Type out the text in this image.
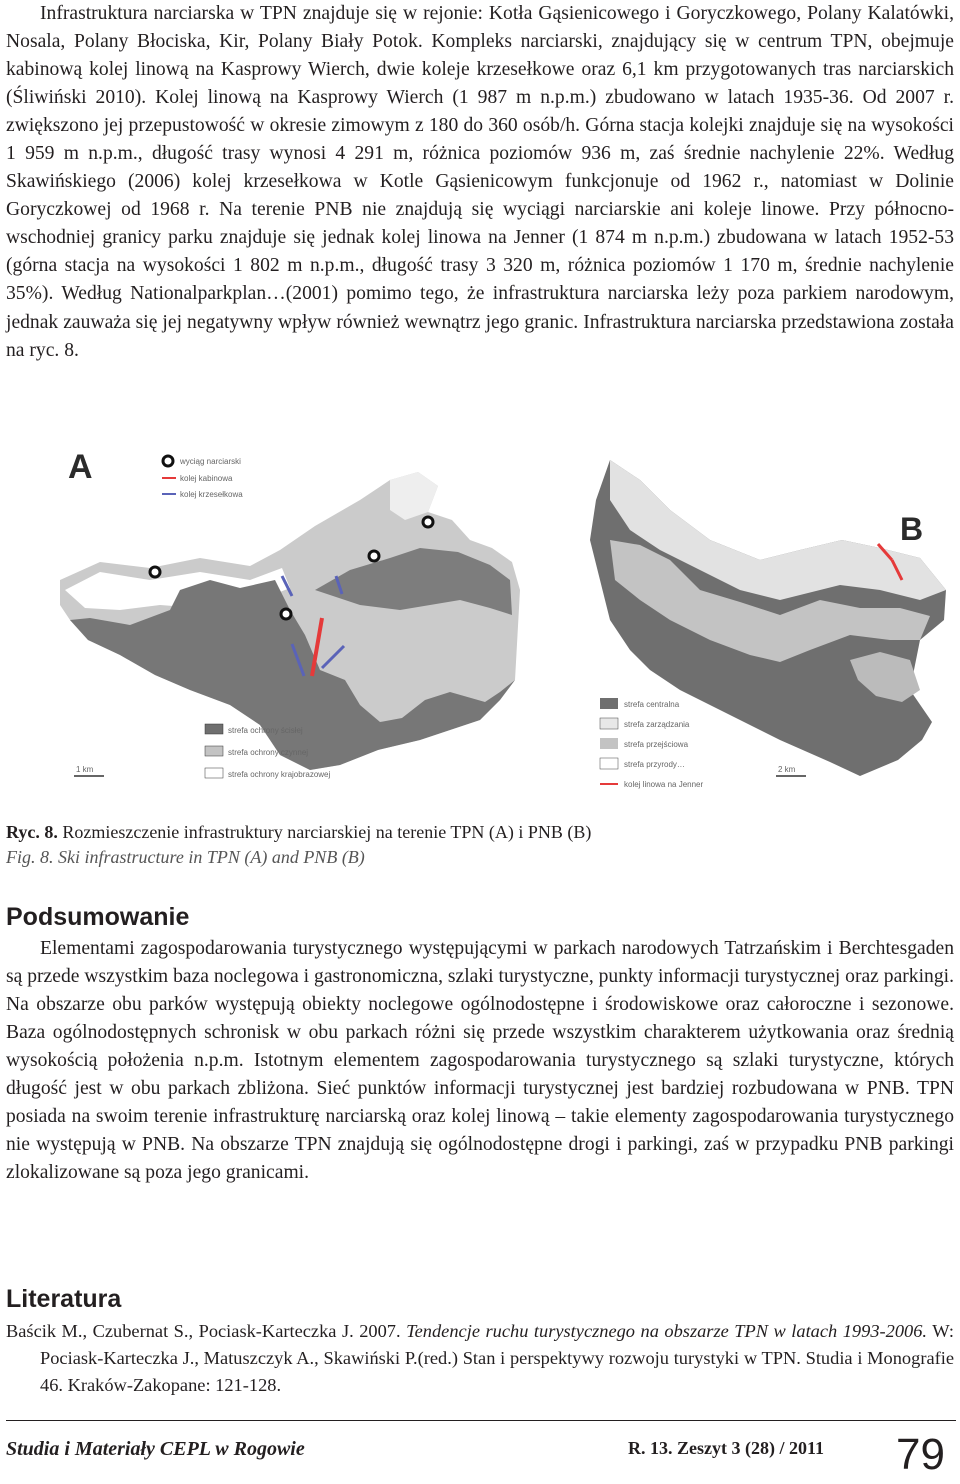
Infrastruktura narciarska w TPN znajduje się w rejonie: Kotła Gąsienicowego i Goryczkowego, Polany Kalatówki, Nosala, Polany Błociska, Kir, Polany Biały Potok. Kompleks narciarski, znajdujący się w centrum TPN, obejmuje kabinową kolej linową na Kasprowy Wierch, dwie koleje krzesełkowe oraz 6,1 km przygotowanych tras narciarskich (Śliwiński 2010). Kolej linową na Kasprowy Wierch (1 987 m n.p.m.) zbudowano w latach 1935-36. Od 2007 r. zwiększono jej przepustowość w okresie zimowym z 180 do 360 osób/h. Górna stacja kolejki znajduje się na wysokości 1 959 m n.p.m., długość trasy wynosi 4 291 m, różnica poziomów 936 m, zaś średnie nachylenie 22%. Według Skawińskiego (2006) kolej krzesełkowa w Kotle Gąsienicowym funkcjonuje od 1962 r., natomiast w Dolinie Goryczkowej od 1968 r. Na terenie PNB nie znajdują się wyciągi narciarskie ani koleje linowe. Przy północno-wschodniej granicy parku znajduje się jednak kolej linowa na Jenner (1 874 m n.p.m.) zbudowana w latach 1952-53 (górna stacja na wysokości 1 802 m n.p.m., długość trasy 3 320 m, różnica poziomów 1 170 m, średnie nachylenie 35%). Według Nationalparkplan…(2001) pomimo tego, że infrastruktura narciarska leży poza parkiem narodowym, jednak zauważa się jej negatywny wpływ również wewnątrz jego granic. Infrastruktura narciarska przedstawiona została na ryc. 8.

A	wyciąg narciarski
kolej kabinowa
kolej krzesełkowa
strefa ochrony ścisłej
strefa ochrony czynnej
strefa ochrony krajobrazowej
1 km
B
strefa centralna
strefa zarządzania
strefa przejściowa
strefa przyrody…
kolej linowa na Jenner
2 km
Ryc. 8. Rozmieszczenie infrastruktury narciarskiej na terenie TPN (A) i PNB (B)
Fig. 8. Ski infrastructure in TPN (A) and PNB (B)
Podsumowanie

Elementami zagospodarowania turystycznego występującymi w parkach narodowych Tatrzańskim i Berchtesgaden są przede wszystkim baza noclegowa i gastronomiczna, szlaki turystyczne, punkty informacji turystycznej oraz parkingi. Na obszarze obu parków występują obiekty noclegowe ogólnodostępne i środowiskowe oraz całoroczne i sezonowe. Baza ogólnodostępnych schronisk w obu parkach różni się przede wszystkim charakterem użytkowania oraz średnią wysokością położenia n.p.m. Istotnym elementem zagospodarowania turystycznego są szlaki turystyczne, których długość jest w obu parkach zbliżona. Sieć punktów informacji turystycznej jest bardziej rozbudowana w PNB. TPN posiada na swoim terenie infrastrukturę narciarską oraz kolej linową – takie elementy zagospodarowania turystycznego nie występują w PNB. Na obszarze TPN znajdują się ogólnodostępne drogi i parkingi, zaś w przypadku PNB parkingi zlokalizowane są poza jego granicami.

Literatura

Baścik M., Czubernat S., Pociask-Karteczka J. 2007. Tendencje ruchu turystycznego na obszarze TPN w latach 1993-2006. W: Pociask-Karteczka J., Matuszczyk A., Skawiński P.(red.) Stan i perspektywy rozwoju turystyki w TPN. Studia i Monografie 46. Kraków-Zakopane: 121-128.

Studia i Materiały CEPL w Rogowie	R. 13. Zeszyt 3 (28) / 2011 79
